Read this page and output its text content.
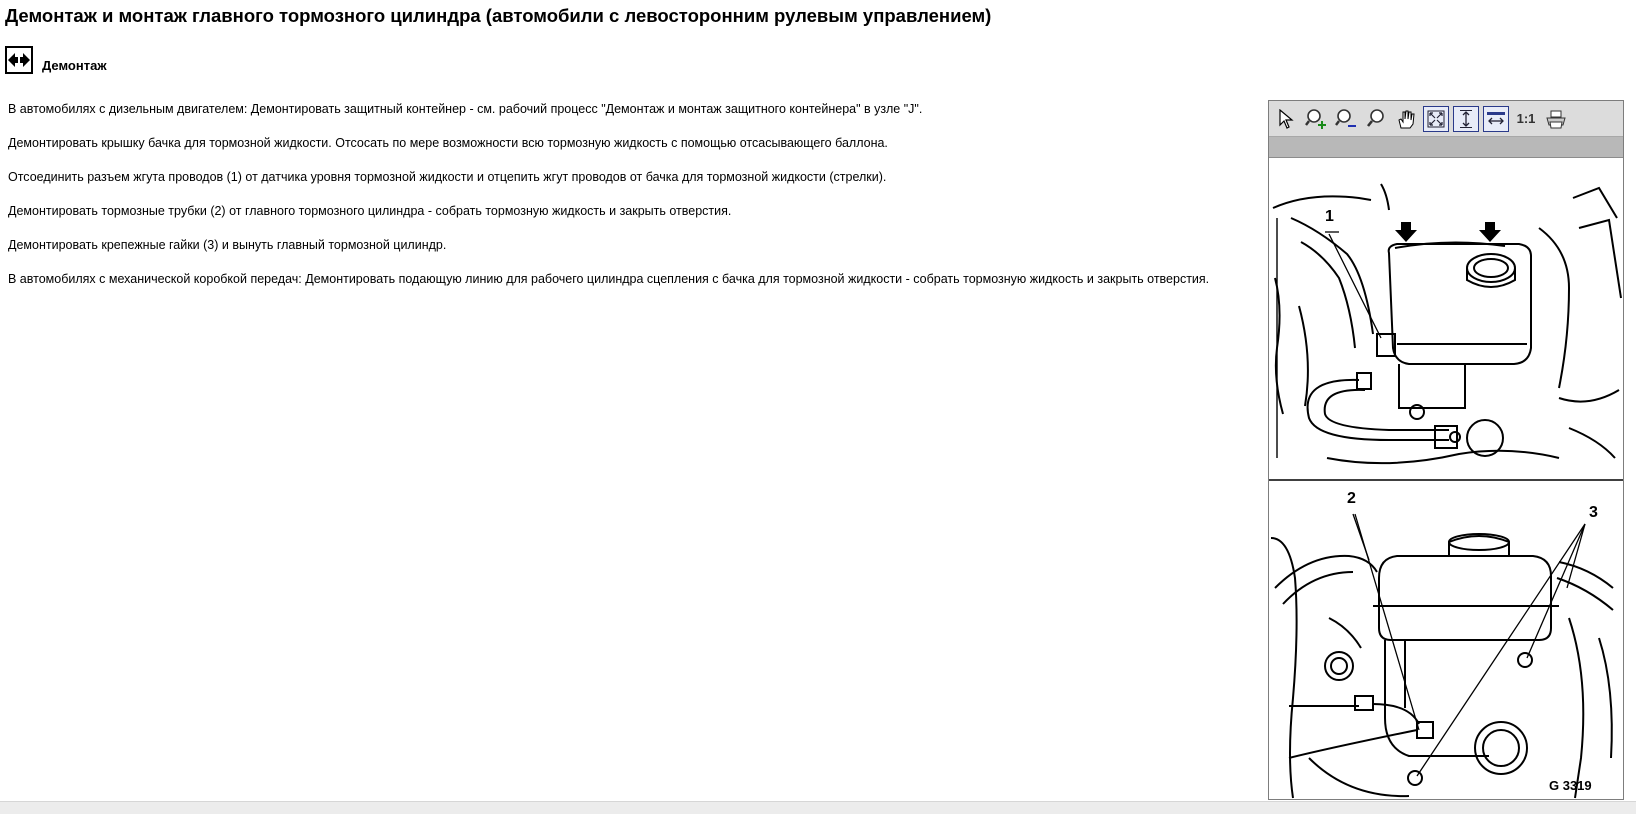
Демонтаж и монтаж главного тормозного цилиндра (автомобили с левосторонним рулевым управлением)
Демонтаж

В автомобилях с дизельным двигателем: Демонтировать защитный контейнер - см. рабочий процесс "Демонтаж и монтаж защитного контейнера" в узле "J".

Демонтировать крышку бачка для тормозной жидкости. Отсосать по мере возможности всю тормозную жидкость с помощью отсасывающего баллона.

Отсоединить разъем жгута проводов (1) от датчика уровня тормозной жидкости и отцепить жгут проводов от бачка для тормозной жидкости (стрелки).

Демонтировать тормозные трубки (2) от главного тормозного цилиндра - собрать тормозную жидкость и закрыть отверстия.

Демонтировать крепежные гайки (3) и вынуть главный тормозной цилиндр.

В автомобилях с механической коробкой передач: Демонтировать подающую линию для рабочего цилиндра сцепления с бачка для тормозной жидкости - собрать тормозную жидкость и закрыть отверстия.

1:1
1
2
3
G 3319
